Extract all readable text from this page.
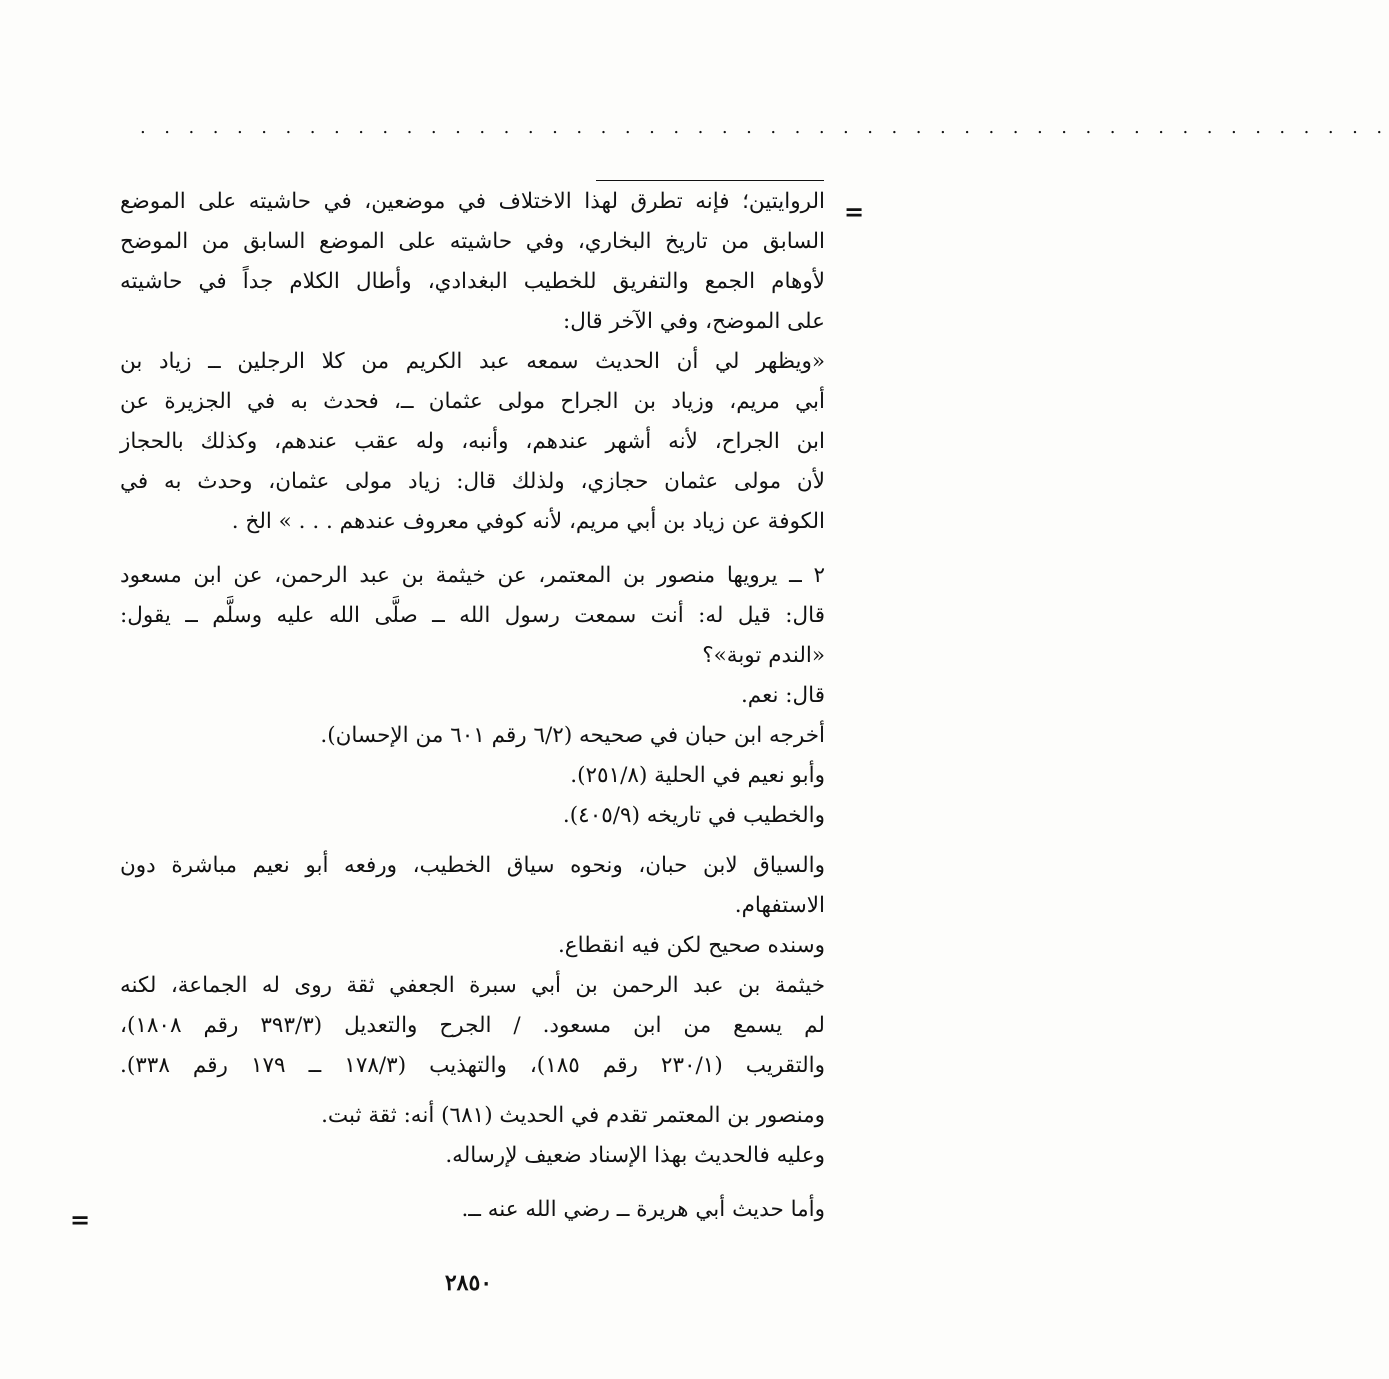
. . . . . . . . . . . . . . . . . . . . . . . . . . . . . . . . . . . . . . . . . . . . . . . . . . . .
=
=

الروايتين؛ فإنه تطرق لهذا الاختلاف في موضعين، في حاشيته على الموضع

السابق من تاريخ البخاري، وفي حاشيته على الموضع السابق من الموضح

لأوهام الجمع والتفريق للخطيب البغدادي، وأطال الكلام جداً في حاشيته

على الموضح، وفي الآخر قال:

«ويظهر لي أن الحديث سمعه عبد الكريم من كلا الرجلين ــ زياد بن

أبي مريم، وزياد بن الجراح مولى عثمان ــ، فحدث به في الجزيرة عن

ابن الجراح، لأنه أشهر عندهم، وأنبه، وله عقب عندهم، وكذلك بالحجاز

لأن مولى عثمان حجازي، ولذلك قال: زياد مولى عثمان، وحدث به في

الكوفة عن زياد بن أبي مريم، لأنه كوفي معروف عندهم . . . » الخ .

٢ ــ يرويها منصور بن المعتمر، عن خيثمة بن عبد الرحمن، عن ابن مسعود

قال: قيل له: أنت سمعت رسول الله ــ صلَّى الله عليه وسلَّم ــ يقول:

«الندم توبة»؟

قال: نعم.

أخرجه ابن حبان في صحيحه (٦/٢ رقم ٦٠١ من الإحسان).

وأبو نعيم في الحلية (٢٥١/٨).

والخطيب في تاريخه (٤٠٥/٩).

والسياق لابن حبان، ونحوه سياق الخطيب، ورفعه أبو نعيم مباشرة دون

الاستفهام.

وسنده صحيح لكن فيه انقطاع.

خيثمة بن عبد الرحمن بن أبي سبرة الجعفي ثقة روى له الجماعة، لكنه

لم يسمع من ابن مسعود. / الجرح والتعديل (٣٩٣/٣ رقم ١٨٠٨)،

والتقريب (٢٣٠/١ رقم ١٨٥)، والتهذيب (١٧٨/٣ ــ ١٧٩ رقم ٣٣٨).

ومنصور بن المعتمر تقدم في الحديث (٦٨١) أنه: ثقة ثبت.

وعليه فالحديث بهذا الإسناد ضعيف لإرساله.

وأما حديث أبي هريرة ــ رضي الله عنه ــ.

٢٨٥٠
